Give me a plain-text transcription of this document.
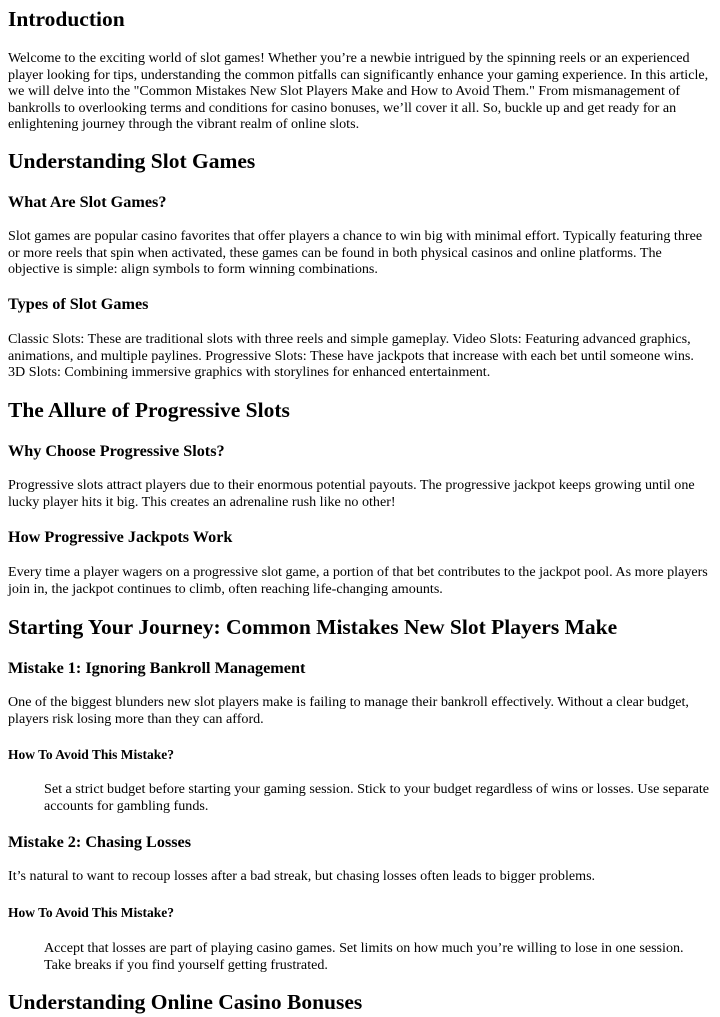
Introduction

Welcome to the exciting world of slot games! Whether you’re a newbie intrigued by the spinning reels or an experienced player looking for tips, understanding the common pitfalls can significantly enhance your gaming experience. In this article, we will delve into the "Common Mistakes New Slot Players Make and How to Avoid Them." From mismanagement of bankrolls to overlooking terms and conditions for casino bonuses, we’ll cover it all. So, buckle up and get ready for an enlightening journey through the vibrant realm of online slots.

Understanding Slot Games
What Are Slot Games?

Slot games are popular casino favorites that offer players a chance to win big with minimal effort. Typically featuring three or more reels that spin when activated, these games can be found in both physical casinos and online platforms. The objective is simple: align symbols to form winning combinations.

Types of Slot Games

Classic Slots: These are traditional slots with three reels and simple gameplay. Video Slots: Featuring advanced graphics, animations, and multiple paylines. Progressive Slots: These have jackpots that increase with each bet until someone wins. 3D Slots: Combining immersive graphics with storylines for enhanced entertainment.

The Allure of Progressive Slots
Why Choose Progressive Slots?

Progressive slots attract players due to their enormous potential payouts. The progressive jackpot keeps growing until one lucky player hits it big. This creates an adrenaline rush like no other!

How Progressive Jackpots Work

Every time a player wagers on a progressive slot game, a portion of that bet contributes to the jackpot pool. As more players join in, the jackpot continues to climb, often reaching life-changing amounts.

Starting Your Journey: Common Mistakes New Slot Players Make
Mistake 1: Ignoring Bankroll Management

One of the biggest blunders new slot players make is failing to manage their bankroll effectively. Without a clear budget, players risk losing more than they can afford.

How To Avoid This Mistake?
Set a strict budget before starting your gaming session. Stick to your budget regardless of wins or losses. Use separate accounts for gambling funds.
Mistake 2: Chasing Losses

It’s natural to want to recoup losses after a bad streak, but chasing losses often leads to bigger problems.

How To Avoid This Mistake?
Accept that losses are part of playing casino games. Set limits on how much you’re willing to lose in one session. Take breaks if you find yourself getting frustrated.
Understanding Online Casino Bonuses
